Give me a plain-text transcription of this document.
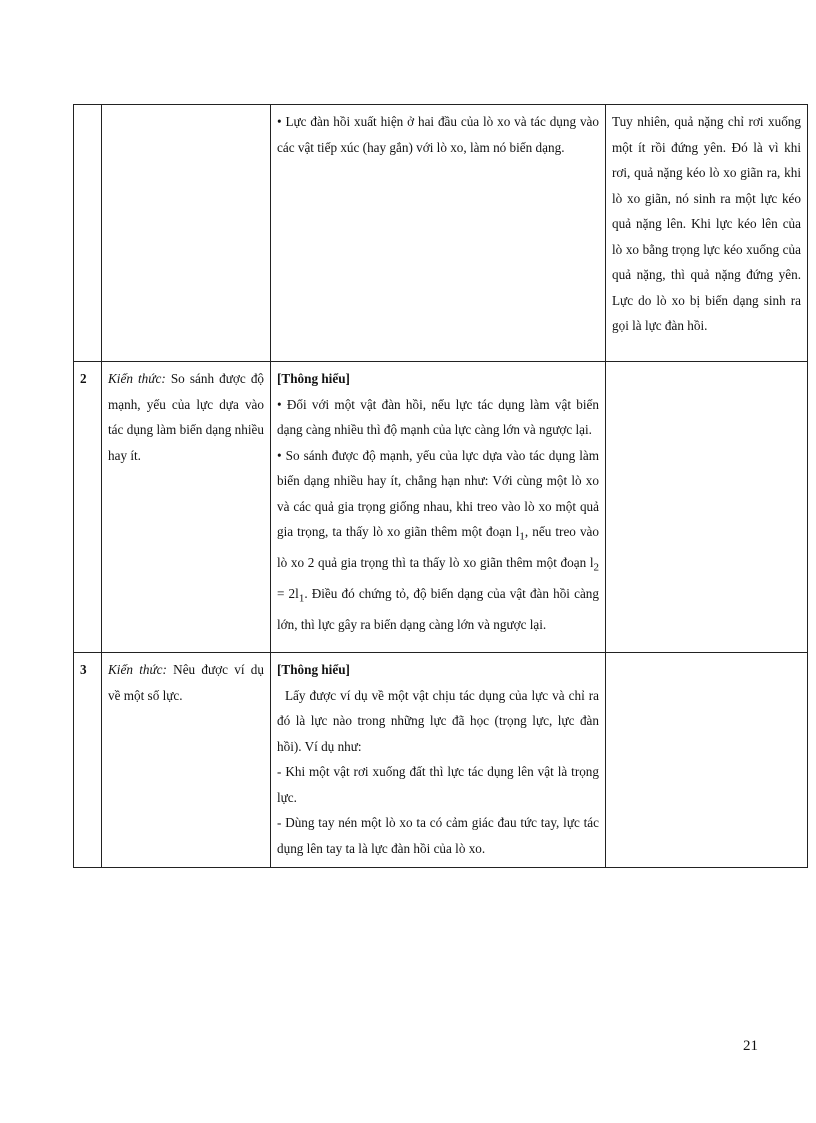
		• Lực đàn hồi xuất hiện ở hai đầu của lò xo và tác dụng vào các vật tiếp xúc (hay gắn) với lò xo, làm nó biến dạng.	Tuy nhiên, quả nặng chỉ rơi xuống một ít rồi đứng yên. Đó là vì khi rơi, quả nặng kéo lò xo giãn ra, khi lò xo giãn, nó sinh ra một lực kéo quả nặng lên. Khi lực kéo lên của lò xo bằng trọng lực kéo xuống của quả nặng, thì quả nặng đứng yên. Lực do lò xo bị biến dạng sinh ra gọi là lực đàn hồi.

2	Kiến thức: So sánh được độ mạnh, yếu của lực dựa vào tác dụng làm biến dạng nhiều hay ít.	[Thông hiểu]

• Đối với một vật đàn hồi, nếu lực tác dụng làm vật biến dạng càng nhiều thì độ mạnh của lực càng lớn và ngược lại.

• So sánh được độ mạnh, yếu của lực dựa vào tác dụng làm biến dạng nhiều hay ít, chẳng hạn như: Với cùng một lò xo và các quả gia trọng giống nhau, khi treo vào lò xo một quả gia trọng, ta thấy lò xo giãn thêm một đoạn $l_1$, nếu treo vào lò xo 2 quả gia trọng thì ta thấy lò xo giãn thêm một đoạn $l_2 = 2l_1$. Điều đó chứng tỏ, độ biến dạng của vật đàn hồi càng lớn, thì lực gây ra biến dạng càng lớn và ngược lại.	

3	Kiến thức: Nêu được ví dụ về một số lực.	[Thông hiểu]

Lấy được ví dụ về một vật chịu tác dụng của lực và chỉ ra đó là lực nào trong những lực đã học (trọng lực, lực đàn hồi). Ví dụ như:

- Khi một vật rơi xuống đất thì lực tác dụng lên vật là trọng lực.

- Dùng tay nén một lò xo ta có cảm giác đau tức tay, lực tác dụng lên tay ta là lực đàn hồi của lò xo.	

21
